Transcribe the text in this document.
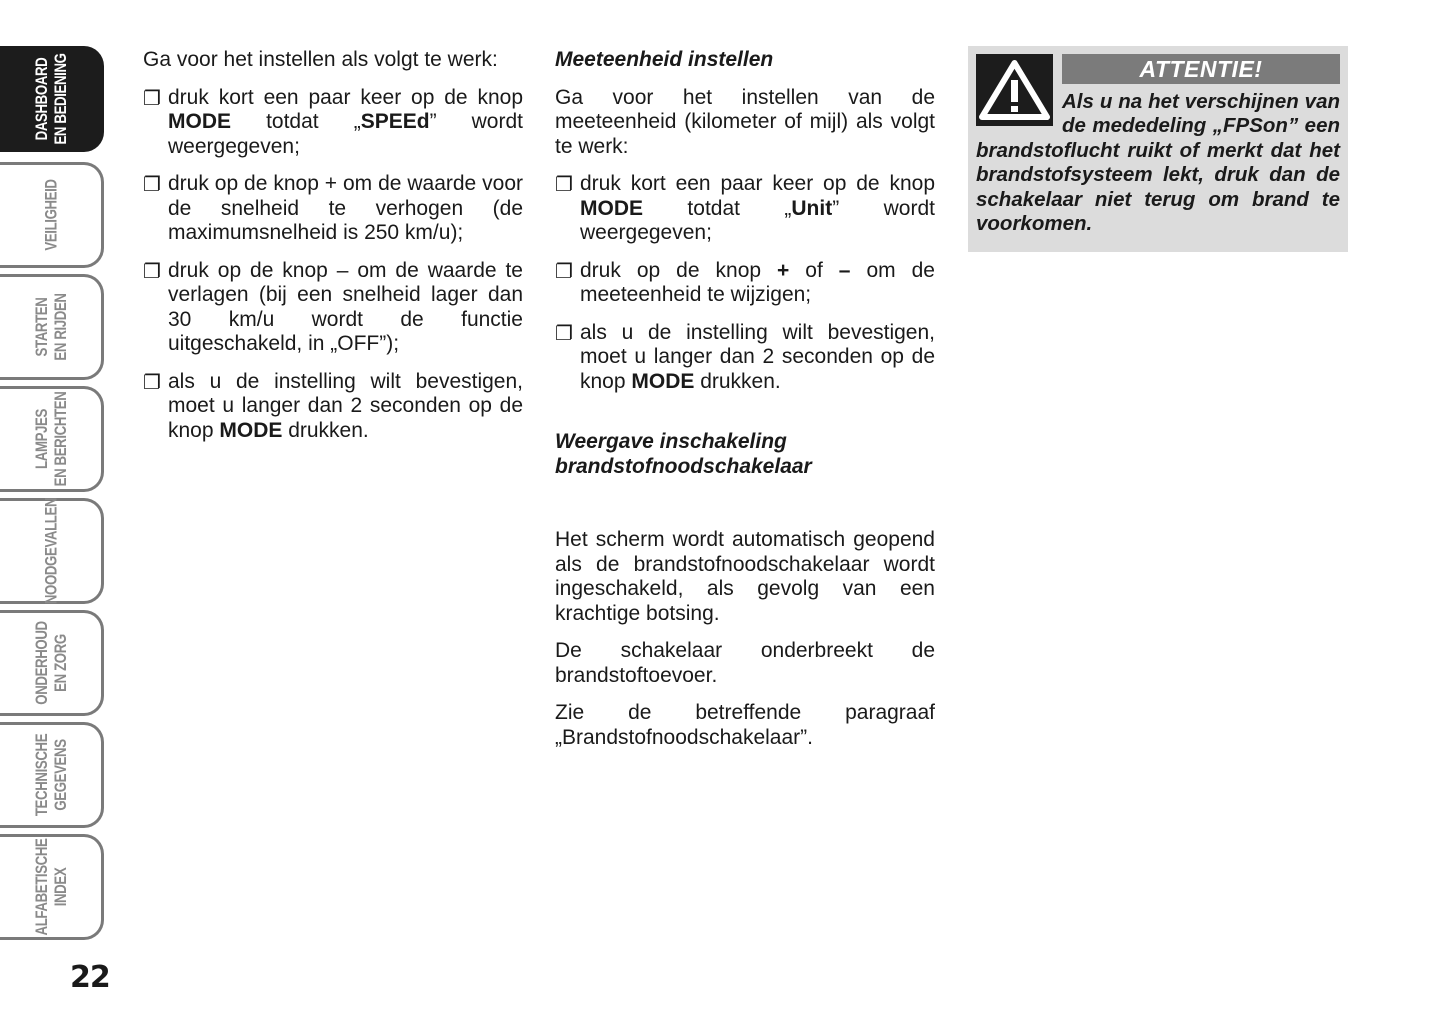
DASHBOARD
EN BEDIENING
VEILIGHEID
STARTEN
EN RIJDEN
LAMPJES
EN BERICHTEN
NOODGEVALLEN
ONDERHOUD
EN ZORG
TECHNISCHE
GEGEVENS
ALFABETISCHE
INDEX
22

Ga voor het instellen als volgt te werk:

❐ druk kort een paar keer op de knop MODE totdat „SPEEd” wordt weergegeven;
❐ druk op de knop + om de waarde voor de snelheid te verhogen (de maximumsnelheid is 250 km/u);
❐ druk op de knop – om de waarde te verlagen (bij een snelheid lager dan 30 km/u wordt de functie uitgeschakeld, in „OFF”);
❐ als u de instelling wilt bevestigen, moet u langer dan 2 seconden op de knop MODE drukken.
Meeteenheid instellen

Ga voor het instellen van de meeteenheid (kilometer of mijl) als volgt te werk:

❐ druk kort een paar keer op de knop MODE totdat „Unit” wordt weergegeven;
❐ druk op de knop + of – om de meeteenheid te wijzigen;
❐ als u de instelling wilt bevestigen, moet u langer dan 2 seconden op de knop MODE drukken.
Weergave inschakeling
brandstofnoodschakelaar

Het scherm wordt automatisch geopend als de brandstofnoodschakelaar wordt ingeschakeld, als gevolg van een krachtige botsing.

De schakelaar onderbreekt de brandstoftoevoer.

Zie de betreffende paragraaf „Brandstofnoodschakelaar”.

ATTENTIE!
Als u na het verschijnen van de mededeling „FPSon” een brandstoflucht ruikt of merkt dat het brandstofsysteem lekt, druk dan de schakelaar niet terug om brand te voorkomen.
